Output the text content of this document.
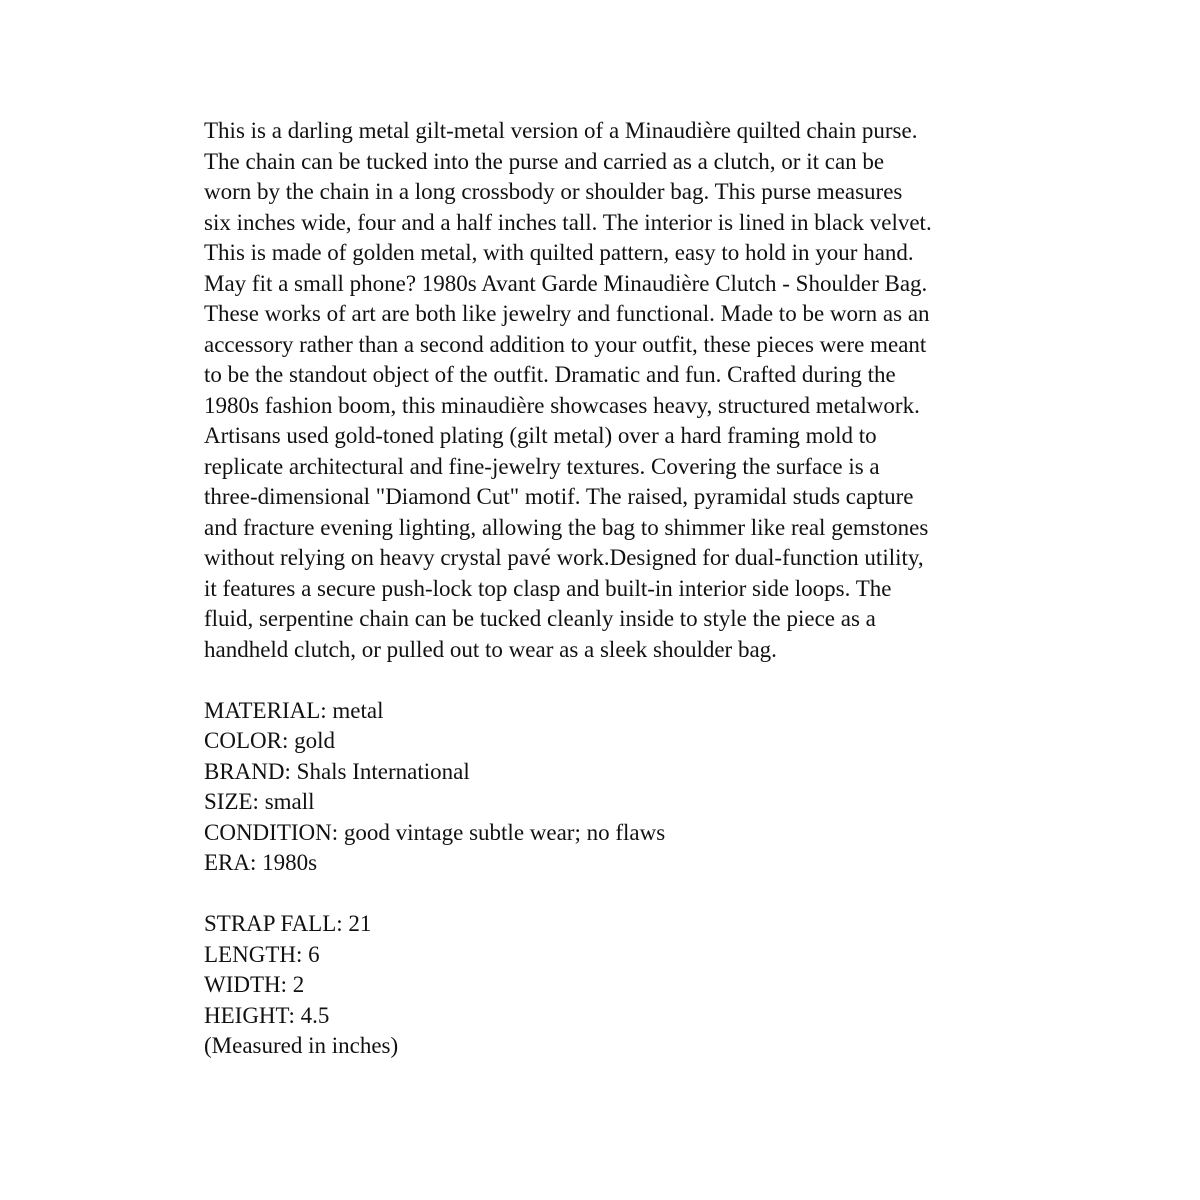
This is a darling metal gilt-metal version of a Minaudière quilted chain purse.
The chain can be tucked into the purse and carried as a clutch, or it can be
worn by the chain in a long crossbody or shoulder bag. This purse measures
six inches wide, four and a half inches tall. The interior is lined in black velvet.
This is made of golden metal, with quilted pattern, easy to hold in your hand.
May fit a small phone? 1980s Avant Garde Minaudière Clutch - Shoulder Bag.
These works of art are both like jewelry and functional. Made to be worn as an
accessory rather than a second addition to your outfit, these pieces were meant
to be the standout object of the outfit. Dramatic and fun. Crafted during the
1980s fashion boom, this minaudière showcases heavy, structured metalwork.
Artisans used gold-toned plating (gilt metal) over a hard framing mold to
replicate architectural and fine-jewelry textures. Covering the surface is a
three-dimensional "Diamond Cut" motif. The raised, pyramidal studs capture
and fracture evening lighting, allowing the bag to shimmer like real gemstones
without relying on heavy crystal pavé work.Designed for dual-function utility,
it features a secure push-lock top clasp and built-in interior side loops. The
fluid, serpentine chain can be tucked cleanly inside to style the piece as a
handheld clutch, or pulled out to wear as a sleek shoulder bag.
MATERIAL: metal
COLOR: gold
BRAND: Shals International
SIZE: small
CONDITION: good vintage subtle wear; no flaws
ERA: 1980s
STRAP FALL: 21
LENGTH: 6
WIDTH: 2
HEIGHT: 4.5
(Measured in inches)
